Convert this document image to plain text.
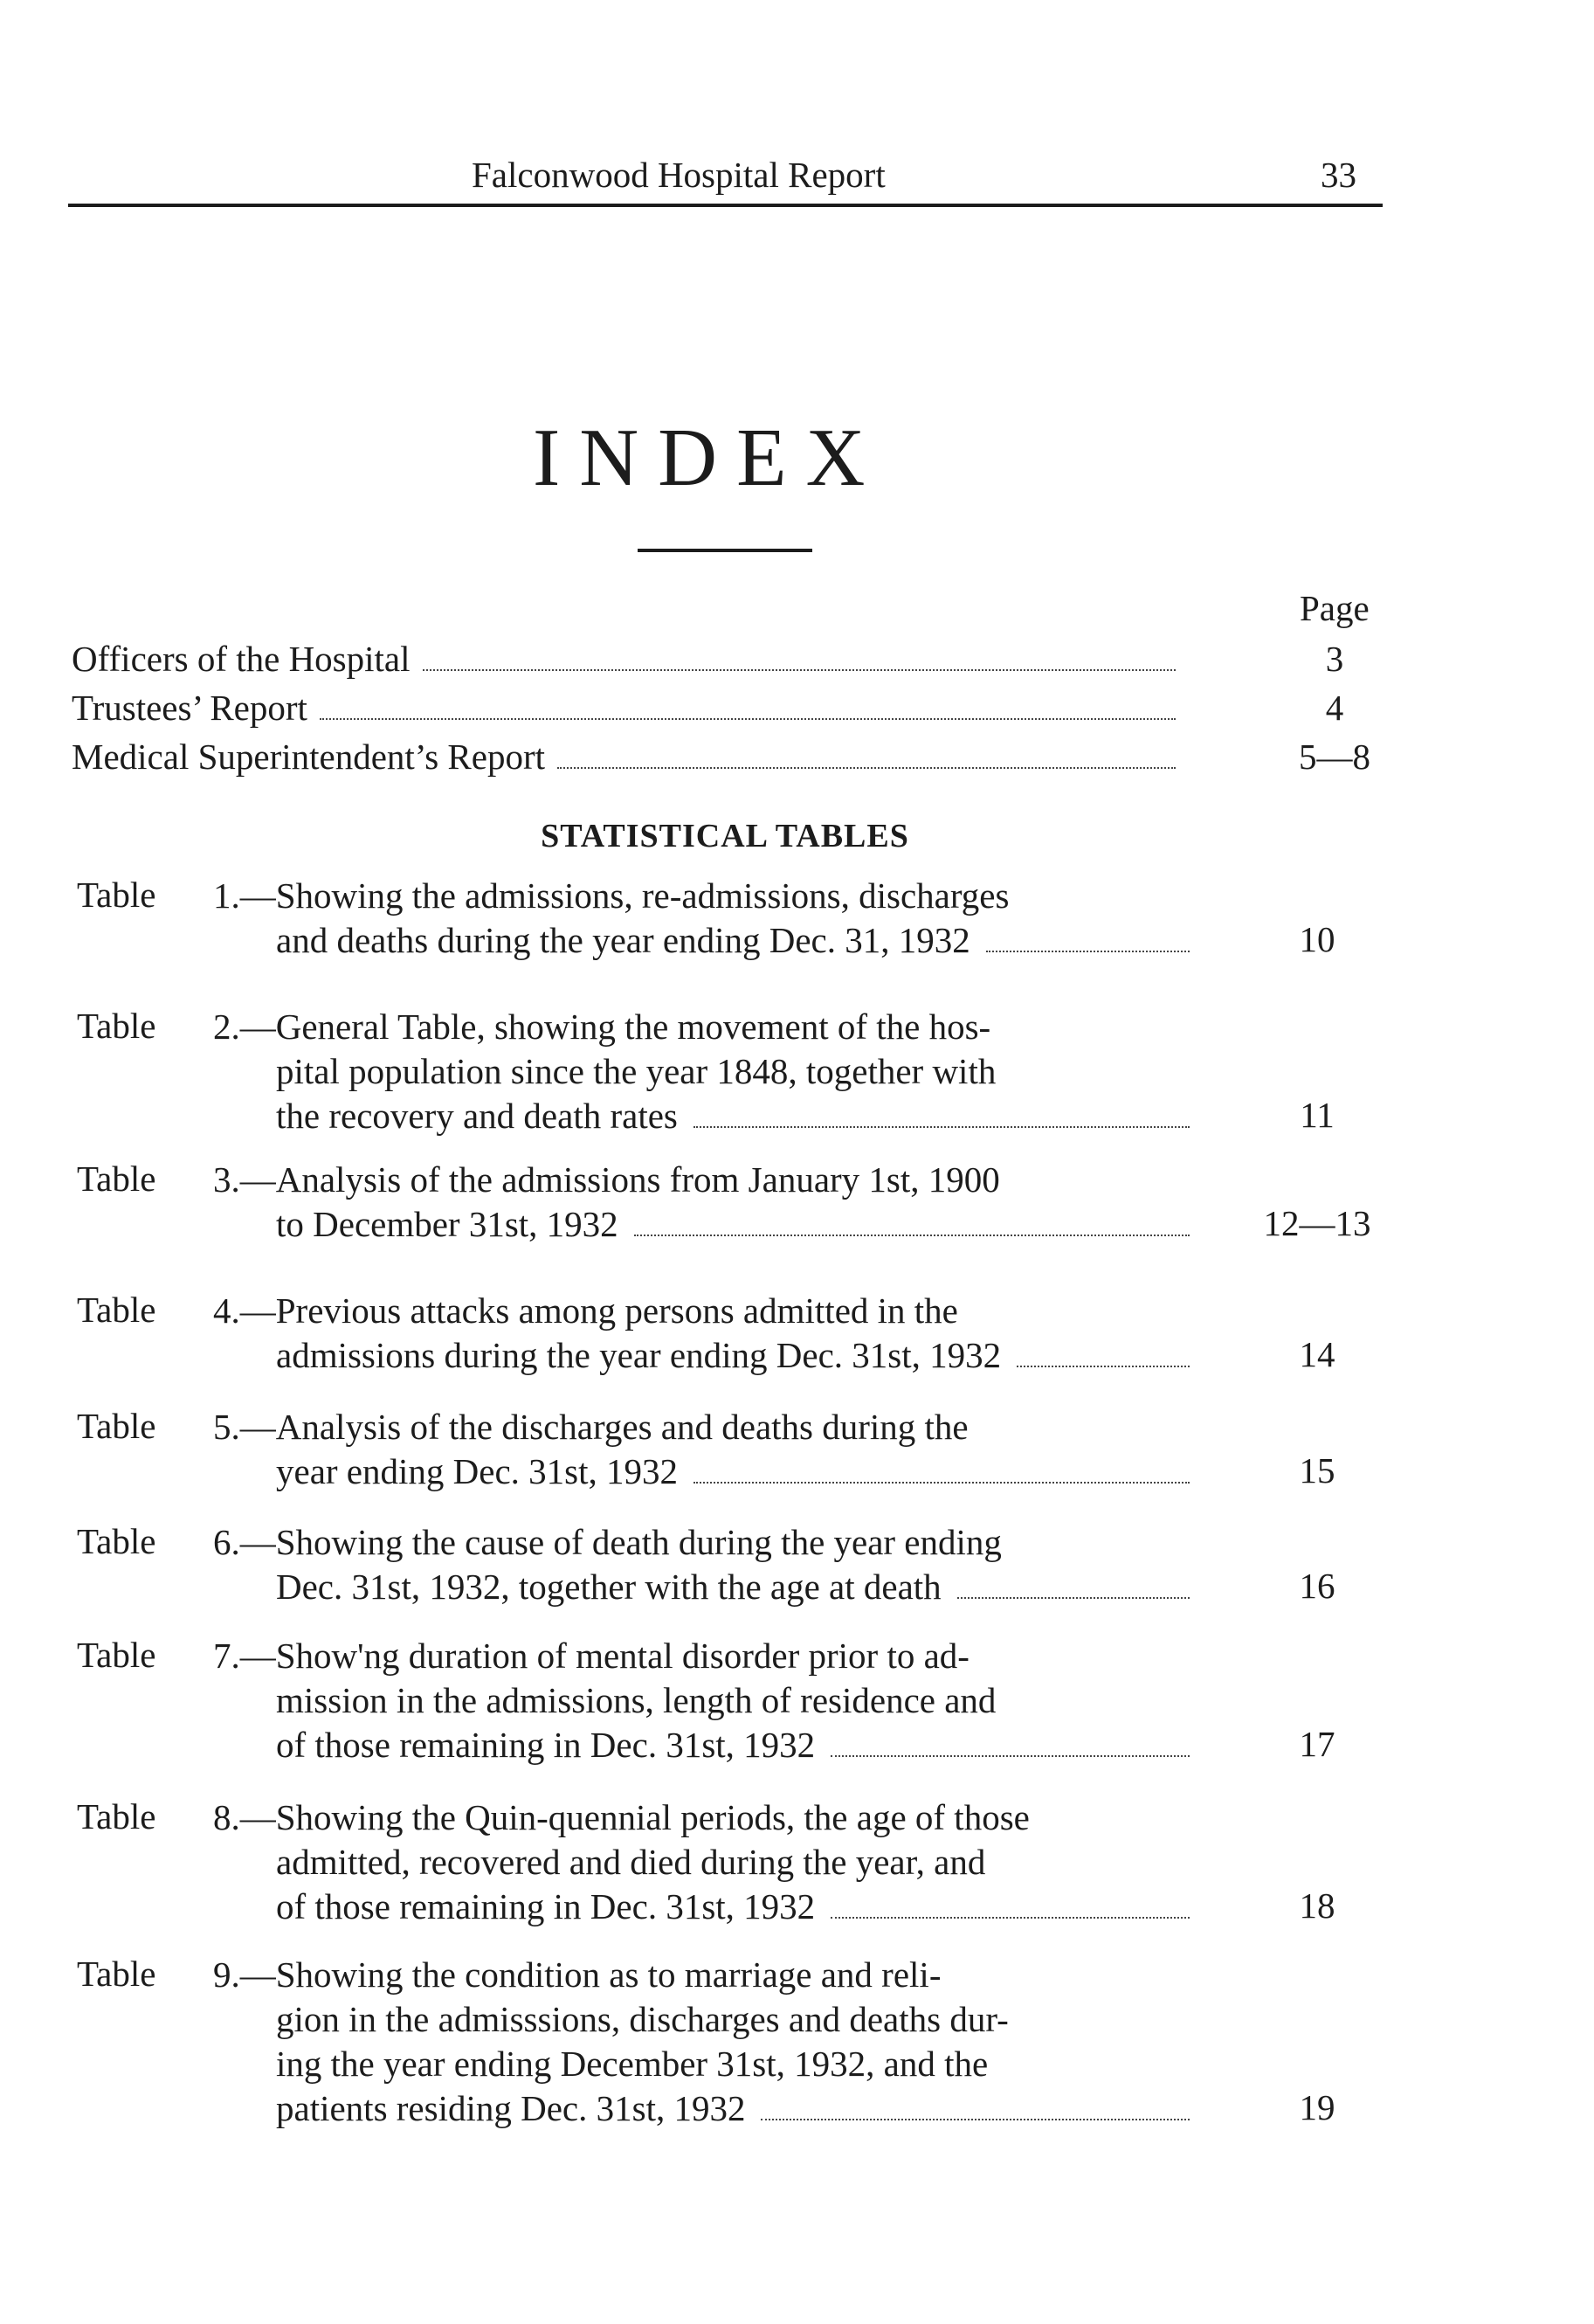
Falconwood Hospital Report	33
INDEX
Page
Officers of the Hospital	3
Trustees’ Report	4
Medical Superintendent’s Report	5—8
STATISTICAL TABLES
Table 1. —Showing the admissions, re-admissions, discharges
and deaths during the year ending Dec. 31, 1932	10
Table 2. —General Table, showing the movement of the hos-
pital population since the year 1848, together with
the recovery and death rates	11
Table 3. —Analysis of the admissions from January 1st, 1900
to December 31st, 1932	12—13
Table 4. —Previous attacks among persons admitted in the
admissions during the year ending Dec. 31st, 1932	14
Table 5. —Analysis of the discharges and deaths during the
year ending Dec. 31st, 1932	15
Table 6. —Showing the cause of death during the year ending
Dec. 31st, 1932, together with the age at death	16
Table 7. —Show'ng duration of mental disorder prior to ad-
mission in the admissions, length of residence and
of those remaining in Dec. 31st, 1932	17
Table 8. —Showing the Quin-quennial periods, the age of those
admitted, recovered and died during the year, and
of those remaining in Dec. 31st, 1932	18
Table 9. —Showing the condition as to marriage and reli-
gion in the admisssions, discharges and deaths dur-
ing the year ending December 31st, 1932, and the
patients residing Dec. 31st, 1932	19
